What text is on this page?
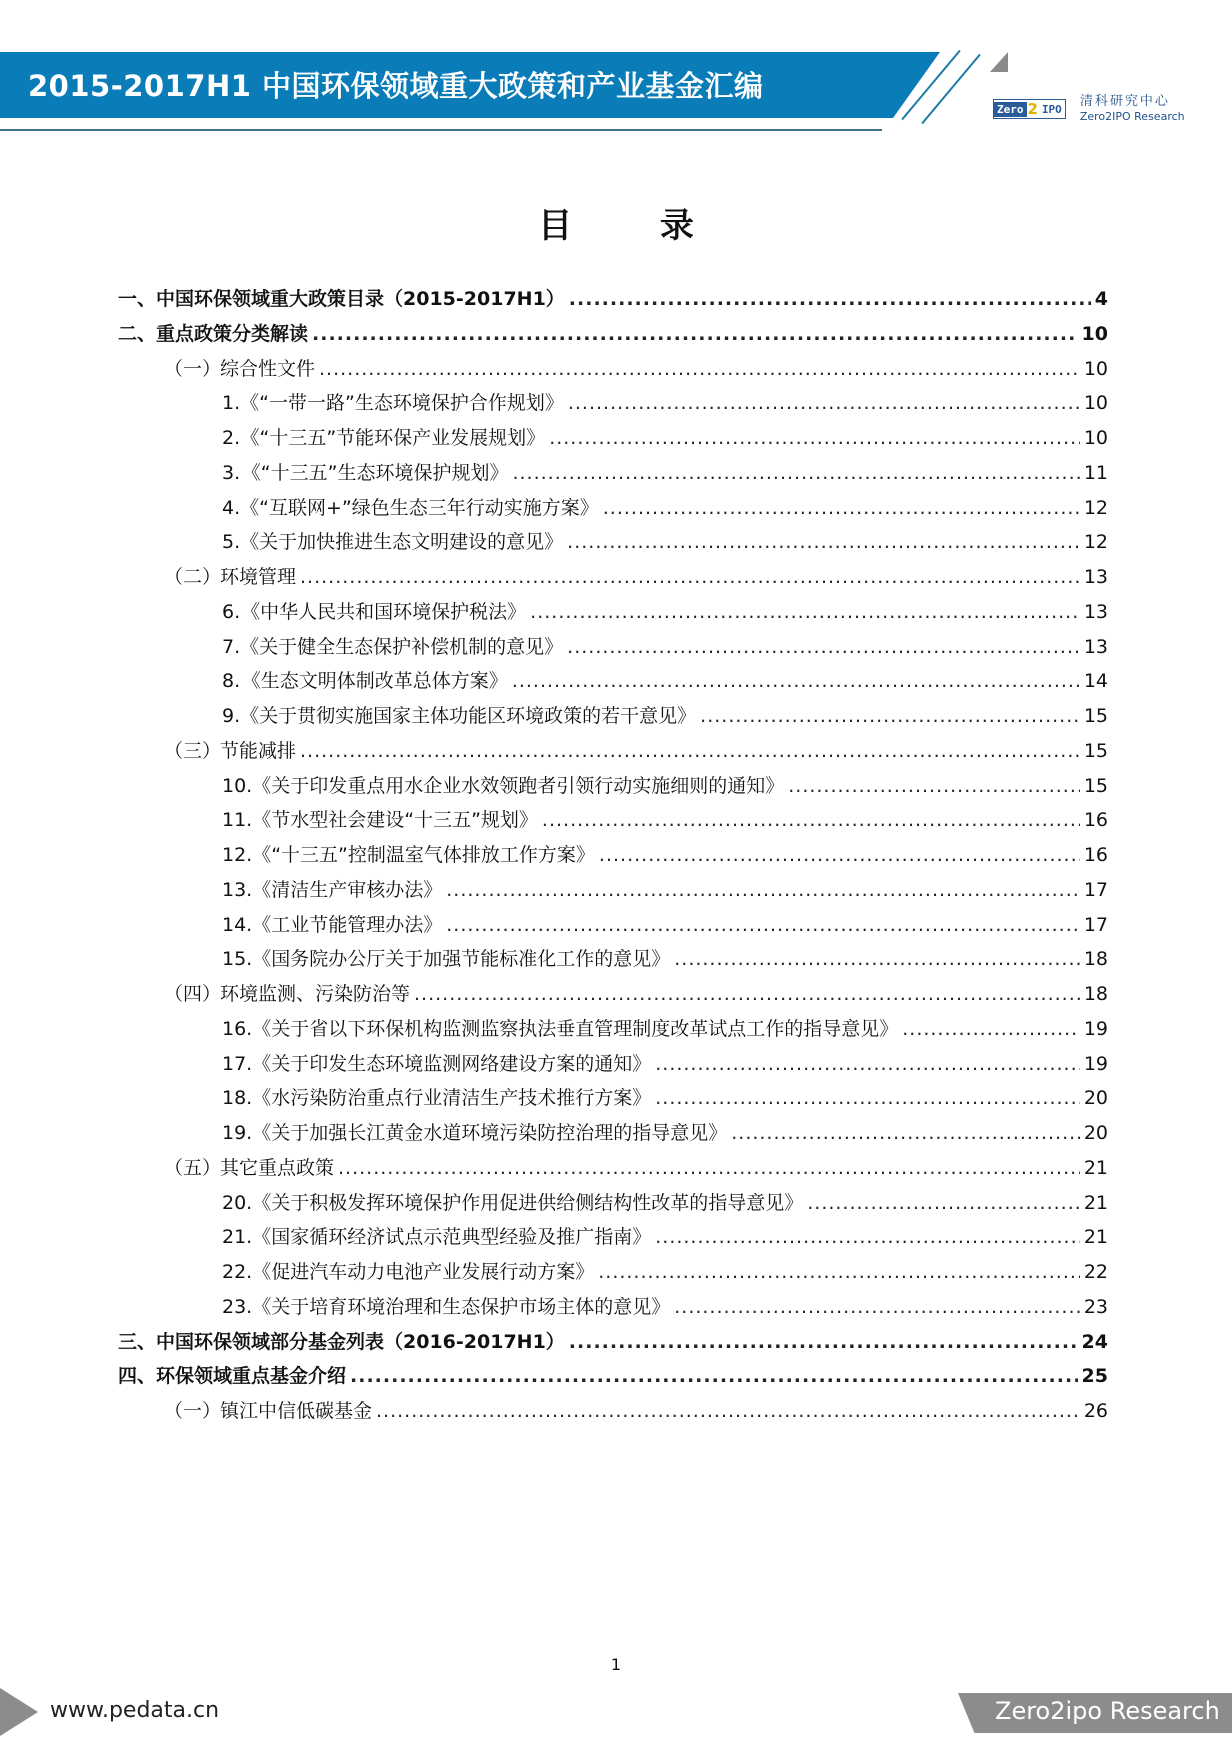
2015-2017H1 中国环保领域重大政策和产业基金汇编
Zero 2 IPO 清科研究中心
Zero2IPO Research
目 录
一、 中国环保领域重大政策目录（2015-2017H1） .....	4
二、 重点政策分类解读 .....	10
（一）
综合性文件 .....	10
1. 《“一带一路”生态环境保护合作规划》 .....	10
2. 《“十三五”节能环保产业发展规划》 .....	10
3. 《“十三五”生态环境保护规划》 .....	11
4. 《“互联网+”绿色生态三年行动实施方案》 .....	12
5. 《关于加快推进生态文明建设的意见》 .....	12
（二）
环境管理 .....	13
6. 《中华人民共和国环境保护税法》 .....	13
7. 《关于健全生态保护补偿机制的意见》 .....	13
8. 《生态文明体制改革总体方案》 .....	14
9. 《关于贯彻实施国家主体功能区环境政策的若干意见》 .....	15
（三）
节能减排 .....	15
10. 《关于印发重点用水企业水效领跑者引领行动实施细则的通知》 .....	15
11. 《节水型社会建设“十三五”规划》 .....	16
12. 《“十三五”控制温室气体排放工作方案》 .....	16
13. 《清洁生产审核办法》 .....	17
14. 《工业节能管理办法》 .....	17
15. 《国务院办公厅关于加强节能标准化工作的意见》 .....	18
（四）
环境监测、污染防治等 .....	18
16. 《关于省以下环保机构监测监察执法垂直管理制度改革试点工作的指导意见》 .....	19
17. 《关于印发生态环境监测网络建设方案的通知》 .....	19
18. 《水污染防治重点行业清洁生产技术推行方案》 .....	20
19. 《关于加强长江黄金水道环境污染防控治理的指导意见》 .....	20
（五）
其它重点政策 .....	21
20. 《关于积极发挥环境保护作用促进供给侧结构性改革的指导意见》 .....	21
21. 《国家循环经济试点示范典型经验及推广指南》 .....	21
22. 《促进汽车动力电池产业发展行动方案》 .....	22
23. 《关于培育环境治理和生态保护市场主体的意见》 .....	23
三、 中国环保领域部分基金列表（2016-2017H1） .....	24
四、 环保领域重点基金介绍 .....	25
（一）
镇江中信低碳基金 .....	26
1
www.pedata.cn	Zero2ipo Research
